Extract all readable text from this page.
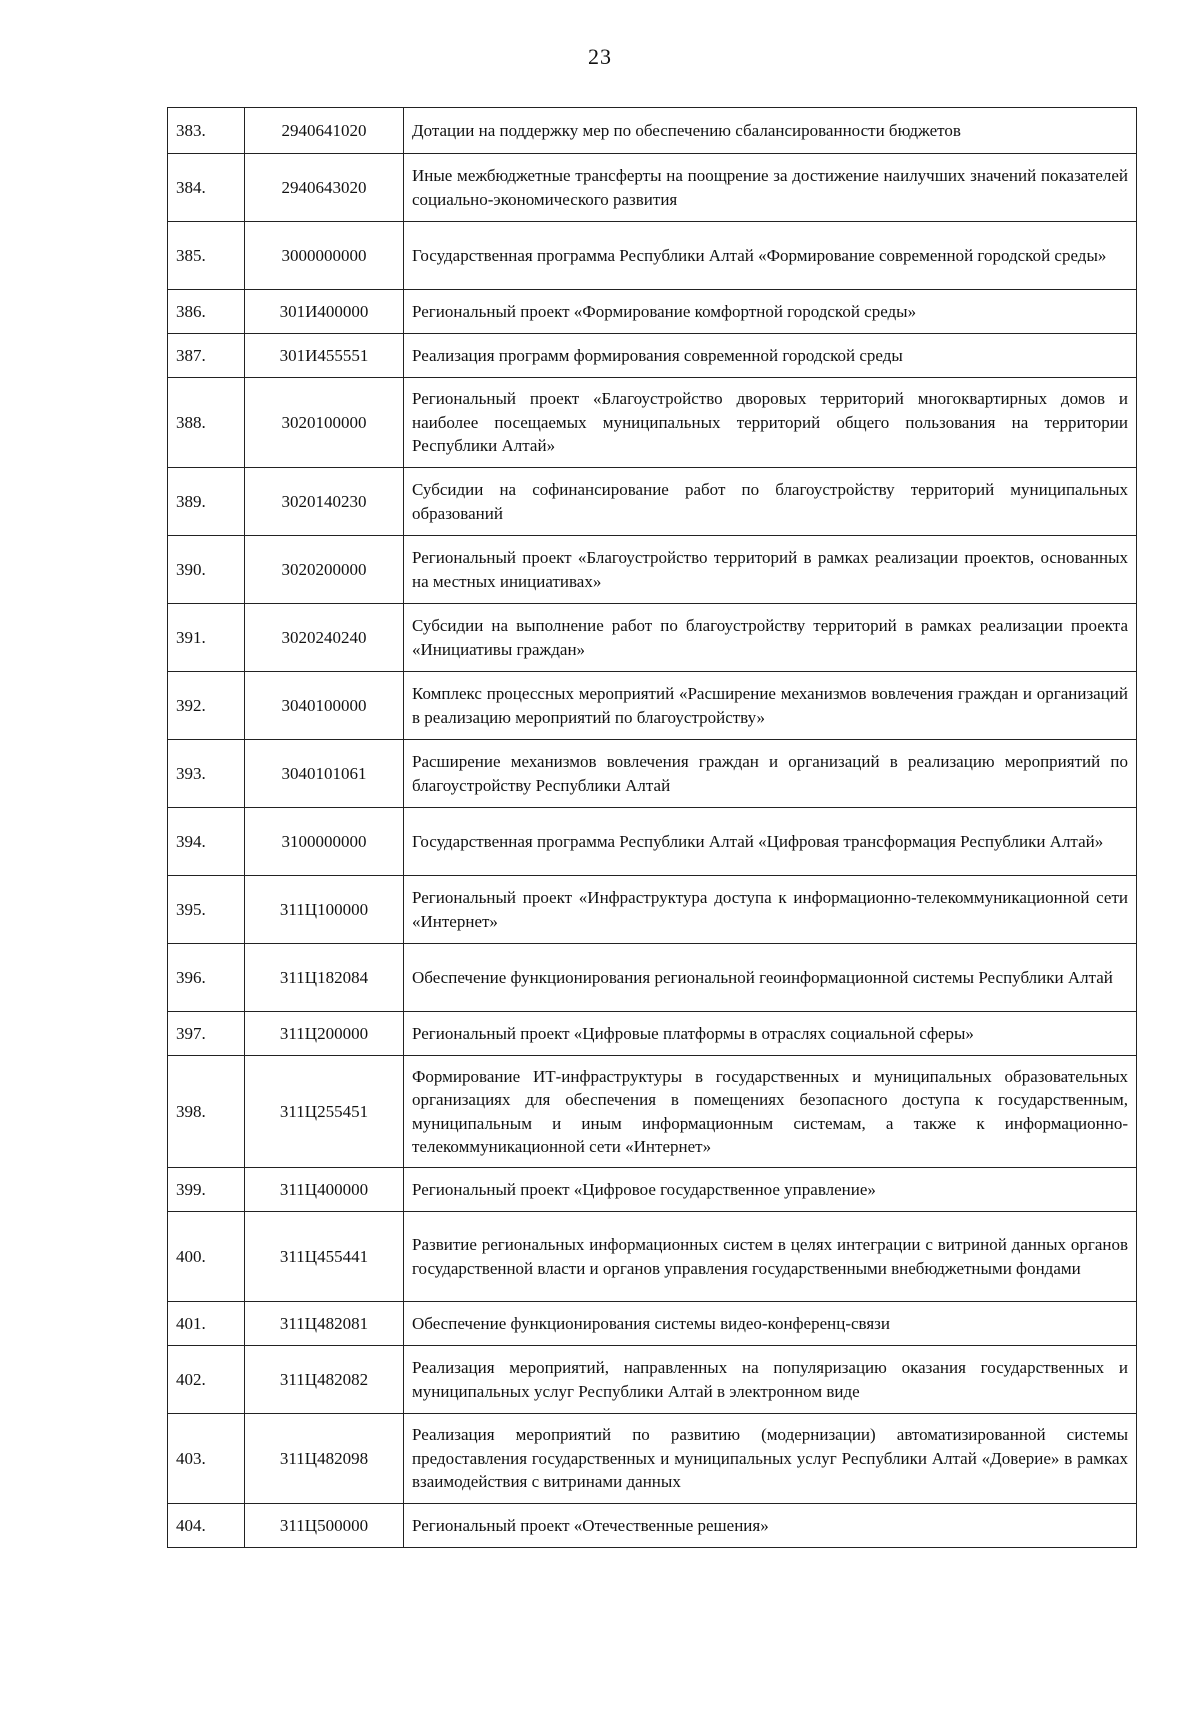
23
383.	2940641020	Дотации на поддержку мер по обеспечению сбалансированности бюджетов
384.	2940643020	Иные межбюджетные трансферты на поощрение за достижение наилучших значений показателей социально-экономического развития
385.	3000000000	Государственная программа Республики Алтай «Формирование современной городской среды»
386.	301И400000	Региональный проект «Формирование комфортной городской среды»
387.	301И455551	Реализация программ формирования современной городской среды
388.	3020100000	Региональный проект «Благоустройство дворовых территорий многоквартирных домов и наиболее посещаемых муниципальных территорий общего пользования на территории Республики Алтай»
389.	3020140230	Субсидии на софинансирование работ по благоустройству территорий муниципальных образований
390.	3020200000	Региональный проект «Благоустройство территорий в рамках реализации проектов, основанных на местных инициативах»
391.	3020240240	Субсидии на выполнение работ по благоустройству территорий в рамках реализации проекта «Инициативы граждан»
392.	3040100000	Комплекс процессных мероприятий «Расширение механизмов вовлечения граждан и организаций в реализацию мероприятий по благоустройству»
393.	3040101061	Расширение механизмов вовлечения граждан и организаций в реализацию мероприятий по благоустройству Республики Алтай
394.	3100000000	Государственная программа Республики Алтай «Цифровая трансформация Республики Алтай»
395.	311Ц100000	Региональный проект «Инфраструктура доступа к информационно-телекоммуникационной сети «Интернет»
396.	311Ц182084	Обеспечение функционирования региональной геоинформационной системы Республики Алтай
397.	311Ц200000	Региональный проект «Цифровые платформы в отраслях социальной сферы»
398.	311Ц255451	Формирование ИТ-инфраструктуры в государственных и муниципальных образовательных организациях для обеспечения в помещениях безопасного доступа к государственным, муниципальным и иным информационным системам, а также к информационно-телекоммуникационной сети «Интернет»
399.	311Ц400000	Региональный проект «Цифровое государственное управление»
400.	311Ц455441	Развитие региональных информационных систем в целях интеграции с витриной данных органов государственной власти и органов управления государственными внебюджетными фондами
401.	311Ц482081	Обеспечение функционирования системы видео-конференц-связи
402.	311Ц482082	Реализация мероприятий, направленных на популяризацию оказания государственных и муниципальных услуг Республики Алтай в электронном виде
403.	311Ц482098	Реализация мероприятий по развитию (модернизации) автоматизированной системы предоставления государственных и муниципальных услуг Республики Алтай «Доверие» в рамках взаимодействия с витринами данных
404.	311Ц500000	Региональный проект «Отечественные решения»
